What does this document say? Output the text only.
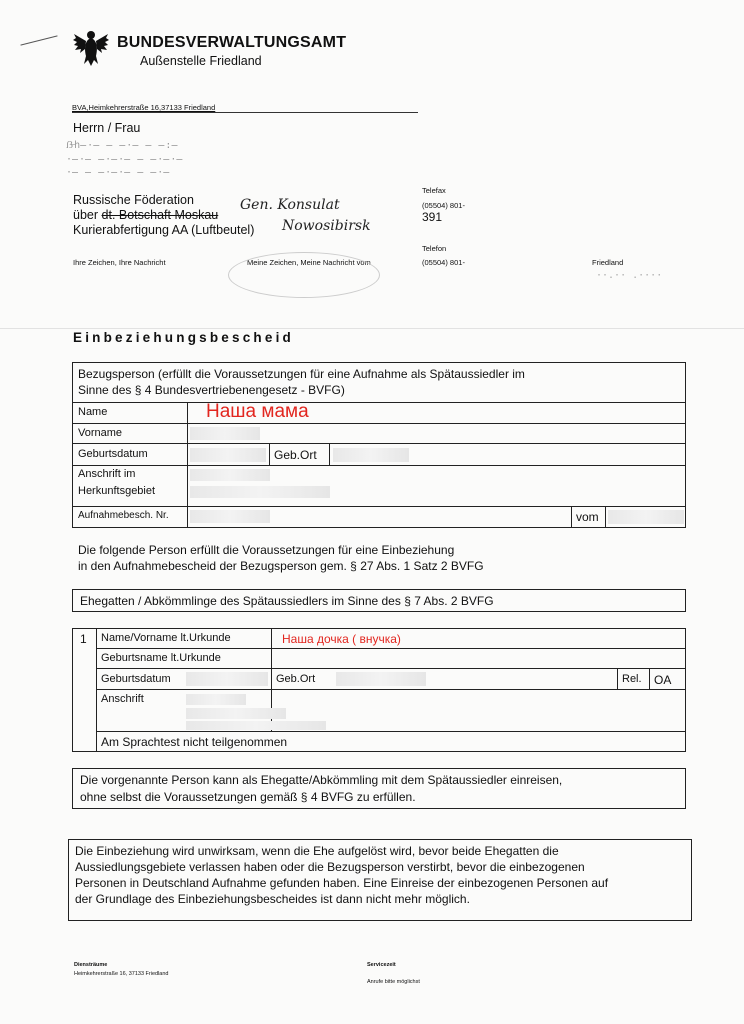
BUNDESVERWALTUNGSAMT
Außenstelle Friedland
BVA,Heimkehrerstraße 16,37133 Friedland
Herrn / Frau
ẞ̶h̶·̶ ̶ ̶·̶ ̶ ̶:̶
·̶·̶ ̶·̶·̶ ̶ ̶·̶·̶
·̶ ̶ ̶·̶·̶ ̶ ̶·̶
Russische Föderation
über dt. Botschaft Moskau
Kurierabfertigung AA (Luftbeutel)
Gen. Konsulat
Nowosibirsk
Telefax
(05504) 801-
391
Telefon
(05504) 801-	Friedland
··.·· .····
Ihre Zeichen, Ihre Nachricht	Meine Zeichen, Meine Nachricht vom
Einbeziehungsbescheid
Bezugsperson (erfüllt die Voraussetzungen für eine Aufnahme als Spätaussiedler im
Sinne des § 4 Bundesvertriebenengesetz - BVFG)
Name	Наша мама
Vorname
Geburtsdatum	Geb.Ort
Anschrift im
Herkunftsgebiet
Aufnahmebesch. Nr.	vom
Die folgende Person erfüllt die Voraussetzungen für eine Einbeziehung
in den Aufnahmebescheid der Bezugsperson gem. § 27 Abs. 1 Satz 2 BVFG
Ehegatten / Abkömmlinge des Spätaussiedlers im Sinne des § 7 Abs. 2 BVFG
1 Name/Vorname lt.Urkunde	Наша дочка ( внучка)
Geburtsname lt.Urkunde
Geburtsdatum	Geb.Ort	Rel. OA
Anschrift
Am Sprachtest nicht teilgenommen
Die vorgenannte Person kann als Ehegatte/Abkömmling mit dem Spätaussiedler einreisen,
ohne selbst die Voraussetzungen gemäß § 4 BVFG zu erfüllen.
Die Einbeziehung wird unwirksam, wenn die Ehe aufgelöst wird, bevor beide Ehegatten die
Aussiedlungsgebiete verlassen haben oder die Bezugsperson verstirbt, bevor die einbezogenen
Personen in Deutschland Aufnahme gefunden haben. Eine Einreise der einbezogenen Personen auf
der Grundlage des Einbeziehungsbescheides ist dann nicht mehr möglich.
Diensträume
Heimkehrerstraße 16, 37133 Friedland
Servicezeit
Anrufe bitte möglichst
